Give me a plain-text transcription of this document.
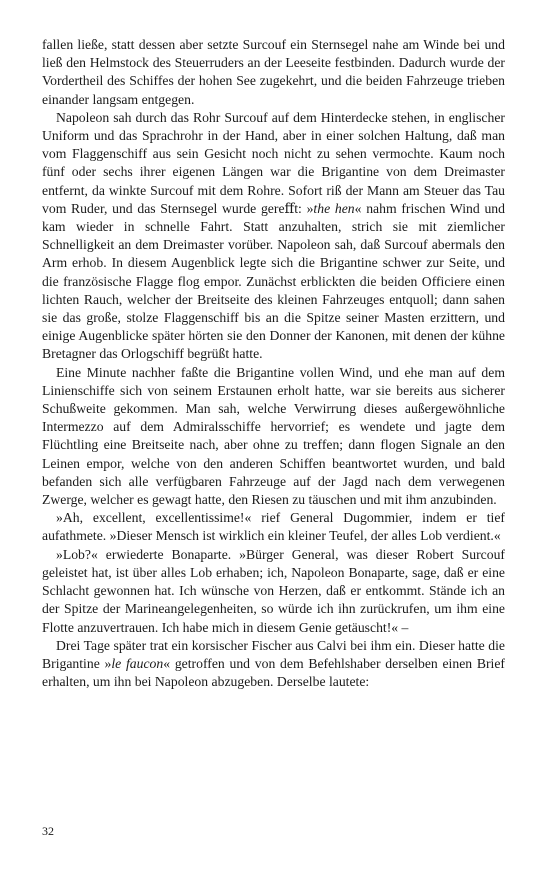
fallen ließe, statt dessen aber setzte Surcouf ein Sternsegel nahe am Winde bei und ließ den Helmstock des Steuerruders an der Leeseite festbinden. Dadurch wurde der Vordertheil des Schiffes der hohen See zugekehrt, und die beiden Fahrzeuge trieben einander langsam entgegen.

Napoleon sah durch das Rohr Surcouf auf dem Hinterdecke stehen, in englischer Uniform und das Sprachrohr in der Hand, aber in einer solchen Haltung, daß man vom Flaggenschiff aus sein Gesicht noch nicht zu sehen vermochte. Kaum noch fünf oder sechs ihrer eigenen Längen war die Brigantine von dem Dreimaster entfernt, da winkte Surcouf mit dem Rohre. Sofort riß der Mann am Steuer das Tau vom Ruder, und das Sternsegel wurde gereﬀt: »the hen« nahm frischen Wind und kam wieder in schnelle Fahrt. Statt anzuhalten, strich sie mit ziemlicher Schnelligkeit an dem Dreimaster vorüber. Napoleon sah, daß Surcouf abermals den Arm erhob. In diesem Augenblick legte sich die Brigantine schwer zur Seite, und die französische Flagge flog empor. Zunächst erblickten die beiden Officiere einen lichten Rauch, welcher der Breitseite des kleinen Fahrzeuges entquoll; dann sahen sie das große, stolze Flaggenschiff bis an die Spitze seiner Masten erzittern, und einige Augenblicke später hörten sie den Donner der Kanonen, mit denen der kühne Bretagner das Orlogschiff begrüßt hatte.

Eine Minute nachher faßte die Brigantine vollen Wind, und ehe man auf dem Linienschiffe sich von seinem Erstaunen erholt hatte, war sie bereits aus sicherer Schußweite gekommen. Man sah, welche Verwirrung dieses außergewöhnliche Intermezzo auf dem Admiralsschiffe hervorrief; es wendete und jagte dem Flüchtling eine Breitseite nach, aber ohne zu treffen; dann flogen Signale an den Leinen empor, welche von den anderen Schiffen beantwortet wurden, und bald befanden sich alle verfügbaren Fahrzeuge auf der Jagd nach dem verwegenen Zwerge, welcher es gewagt hatte, den Riesen zu täuschen und mit ihm anzubinden.

»Ah, excellent, excellentissime!« rief General Dugommier, indem er tief aufathmete. »Dieser Mensch ist wirklich ein kleiner Teufel, der alles Lob verdient.«

»Lob?« erwiederte Bonaparte. »Bürger General, was dieser Robert Surcouf geleistet hat, ist über alles Lob erhaben; ich, Napoleon Bonaparte, sage, daß er eine Schlacht gewonnen hat. Ich wünsche von Herzen, daß er entkommt. Stände ich an der Spitze der Marineangelegenheiten, so würde ich ihn zurückrufen, um ihm eine Flotte anzuvertrauen. Ich habe mich in diesem Genie getäuscht!« –

Drei Tage später trat ein korsischer Fischer aus Calvi bei ihm ein. Dieser hatte die Brigantine »le faucon« getroffen und von dem Befehlshaber derselben einen Brief erhalten, um ihn bei Napoleon abzugeben. Derselbe lautete:

32
